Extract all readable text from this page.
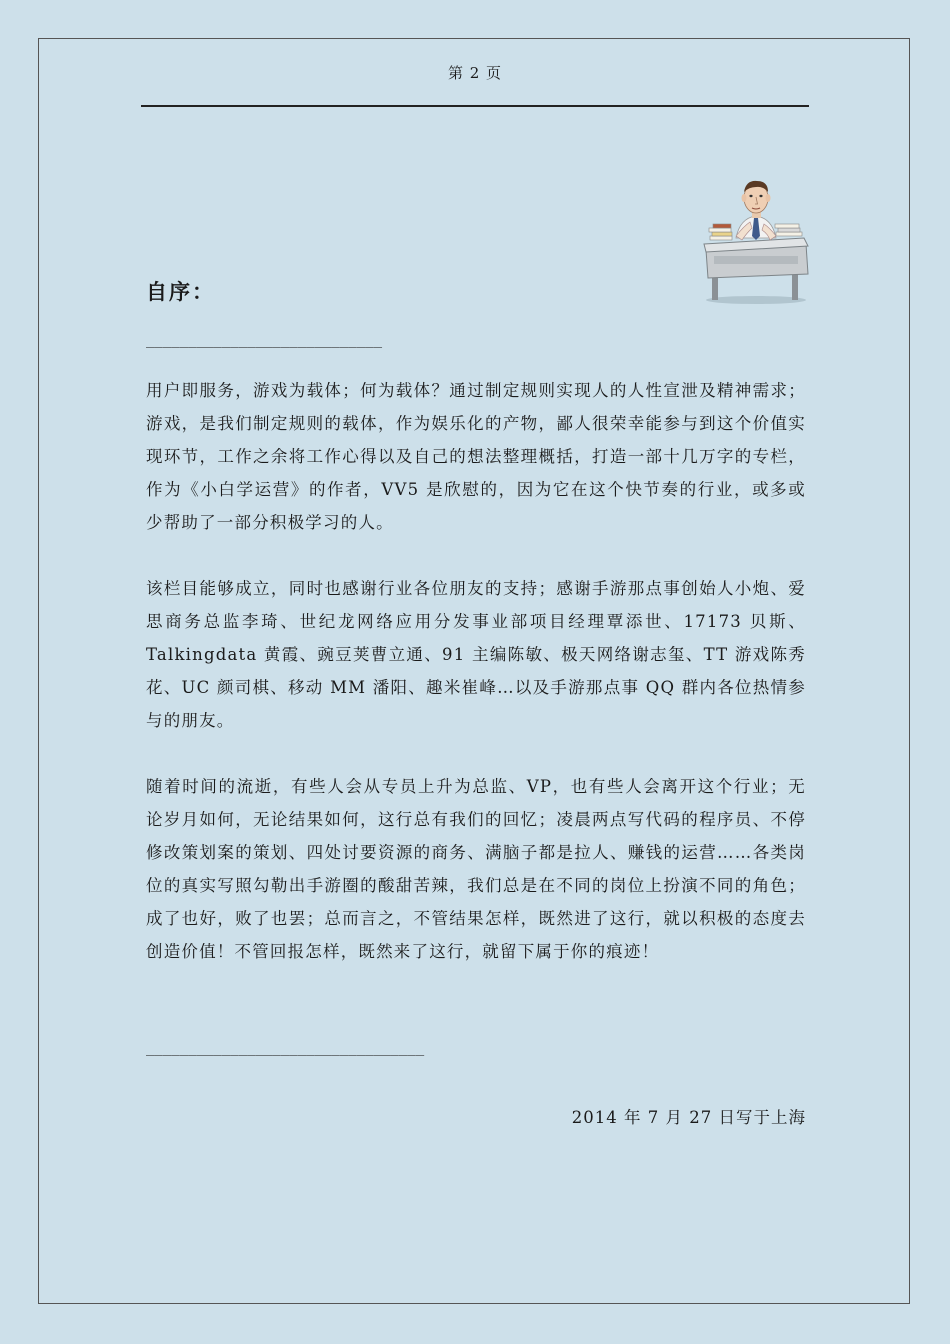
第 2 页
自序：
____________________________
用户即服务，游戏为载体；何为载体？通过制定规则实现人的人性宣泄及精神需求；游戏，是我们制定规则的载体，作为娱乐化的产物，鄙人很荣幸能参与到这个价值实现环节，工作之余将工作心得以及自己的想法整理概括，打造一部十几万字的专栏，作为《小白学运营》的作者，VV5 是欣慰的，因为它在这个快节奏的行业，或多或少帮助了一部分积极学习的人。
该栏目能够成立，同时也感谢行业各位朋友的支持；感谢手游那点事创始人小炮、爱思商务总监李琦、世纪龙网络应用分发事业部项目经理覃添世、17173 贝斯、Talkingdata 黄霞、豌豆荚曹立通、91 主编陈敏、极天网络谢志玺、TT 游戏陈秀花、UC 颜司棋、移动 MM 潘阳、趣米崔峰…以及手游那点事 QQ 群内各位热情参与的朋友。
随着时间的流逝，有些人会从专员上升为总监、VP，也有些人会离开这个行业；无论岁月如何，无论结果如何，这行总有我们的回忆；凌晨两点写代码的程序员、不停修改策划案的策划、四处讨要资源的商务、满脑子都是拉人、赚钱的运营……各类岗位的真实写照勾勒出手游圈的酸甜苦辣，我们总是在不同的岗位上扮演不同的角色；成了也好，败了也罢；总而言之，不管结果怎样，既然进了这行，就以积极的态度去创造价值！不管回报怎样，既然来了这行，就留下属于你的痕迹！
_________________________________
2014 年 7 月 27 日写于上海
